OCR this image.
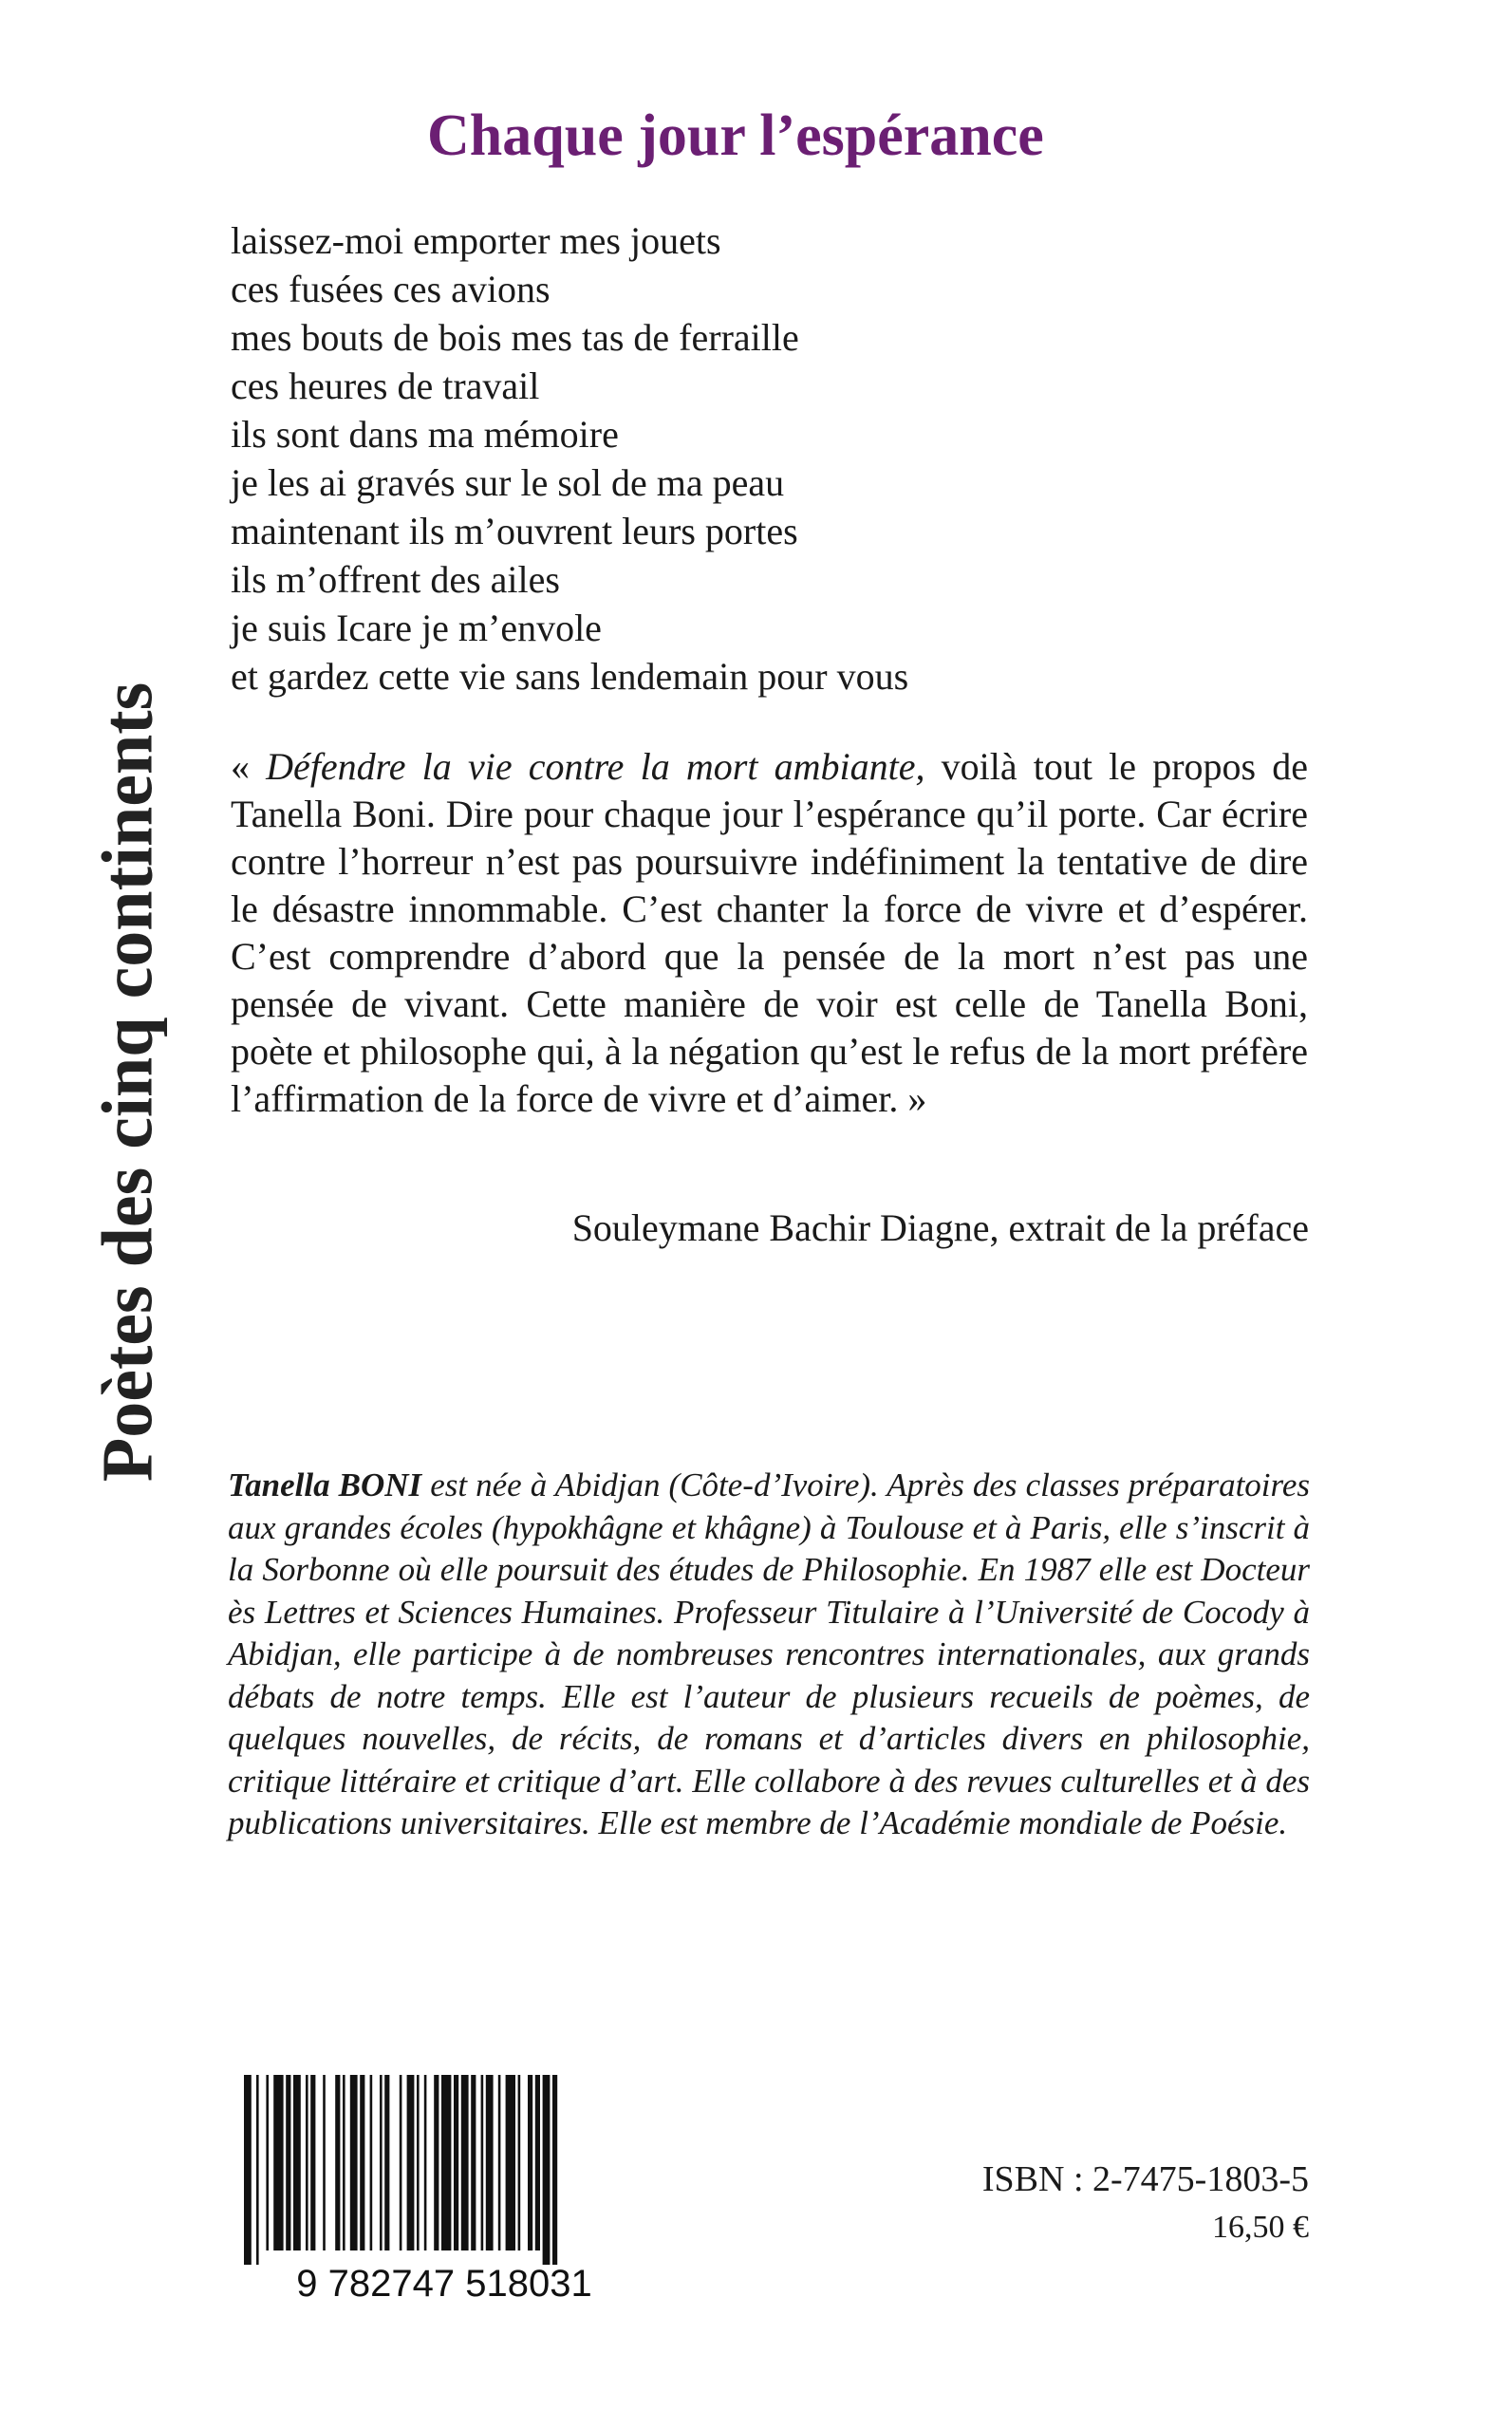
Poètes des cinq continents
Chaque jour l’espérance
laissez-moi emporter mes jouets
ces fusées ces avions
mes bouts de bois mes tas de ferraille
ces heures de travail
ils sont dans ma mémoire
je les ai gravés sur le sol de ma peau
maintenant ils m’ouvrent leurs portes
ils m’offrent des ailes
je suis Icare je m’envole
et gardez cette vie sans lendemain pour vous
« Défendre la vie contre la mort ambiante, voilà tout le propos de Tanella Boni. Dire pour chaque jour l’espérance qu’il porte. Car écrire contre l’horreur n’est pas poursuivre indéfiniment la tentative de dire le désastre innommable. C’est chanter la force de vivre et d’espérer. C’est comprendre d’abord que la pensée de la mort n’est pas une pensée de vivant. Cette manière de voir est celle de Tanella Boni, poète et philosophe qui, à la négation qu’est le refus de la mort préfère l’affirmation de la force de vivre et d’aimer. »
Souleymane Bachir Diagne, extrait de la préface
Tanella BONI est née à Abidjan (Côte-d’Ivoire). Après des classes préparatoires aux grandes écoles (hypokhâgne et khâgne) à Toulouse et à Paris, elle s’inscrit à la Sorbonne où elle poursuit des études de Philosophie. En 1987 elle est Docteur ès Lettres et Sciences Humaines. Professeur Titulaire à l’Université de Cocody à Abidjan, elle participe à de nombreuses rencontres internationales, aux grands débats de notre temps. Elle est l’auteur de plusieurs recueils de poèmes, de quelques nouvelles, de récits, de romans et d’articles divers en philosophie, critique littéraire et critique d’art. Elle collabore à des revues culturelles et à des publications universitaires. Elle est membre de l’Académie mondiale de Poésie.
9 782747 518031
ISBN : 2-7475-1803-5
16,50 €
